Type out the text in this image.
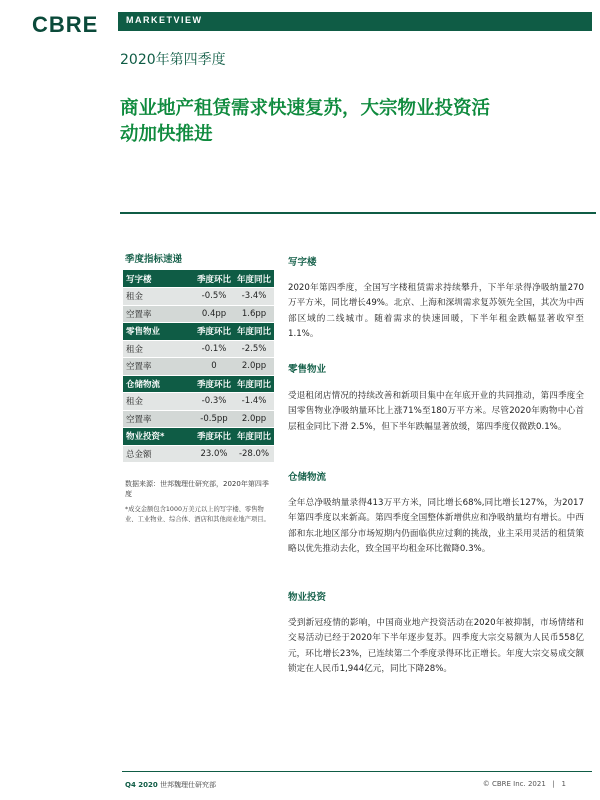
CBRE	MARKETVIEW
2020年第四季度
商业地产租赁需求快速复苏，大宗物业投资活动加快推进
季度指标速递
写字楼	季度环比	年度同比
租金	-0.5%	-3.4%
空置率	0.4pp	1.6pp
零售物业	季度环比	年度同比
租金	-0.1%	-2.5%
空置率	0	2.0pp
仓储物流	季度环比	年度同比
租金	-0.3%	-1.4%
空置率	-0.5pp	2.0pp
物业投资*	季度环比	年度同比
总金额	23.0%	-28.0%
数据来源：世邦魏理仕研究部，2020年第四季度
*成交金额包含1000万美元以上的写字楼、零售物业、工业物业、综合体、酒店和其他商业地产项目。
写字楼

2020年第四季度，全国写字楼租赁需求持续攀升，下半年录得净吸纳量270万平方米，同比增长49%。北京、上海和深圳需求复苏领先全国，其次为中西部区域的二线城市。随着需求的快速回暖，下半年租金跌幅显著收窄至1.1%。

零售物业

受退租闭店情况的持续改善和新项目集中在年底开业的共同推动，第四季度全国零售物业净吸纳量环比上涨71%至180万平方米。尽管2020年购物中心首层租金同比下滑 2.5%，但下半年跌幅显著放缓，第四季度仅微跌0.1%。

仓储物流

全年总净吸纳量录得413万平方米，同比增长68%,同比增长127%，为2017年第四季度以来新高。第四季度全国整体新增供应和净吸纳量均有增长。中西部和东北地区部分市场短期内仍面临供应过剩的挑战，业主采用灵活的租赁策略以优先推动去化，致全国平均租金环比微降0.3%。

物业投资

受到新冠疫情的影响，中国商业地产投资活动在2020年被抑制，市场情绪和交易活动已经于2020年下半年逐步复苏。四季度大宗交易额为人民币558亿元，环比增长23%，已连续第二个季度录得环比正增长。年度大宗交易成交额锁定在人民币1,944亿元，同比下降28%。

Q4 2020 世邦魏理仕研究部	© CBRE Inc. 2021 | 1
